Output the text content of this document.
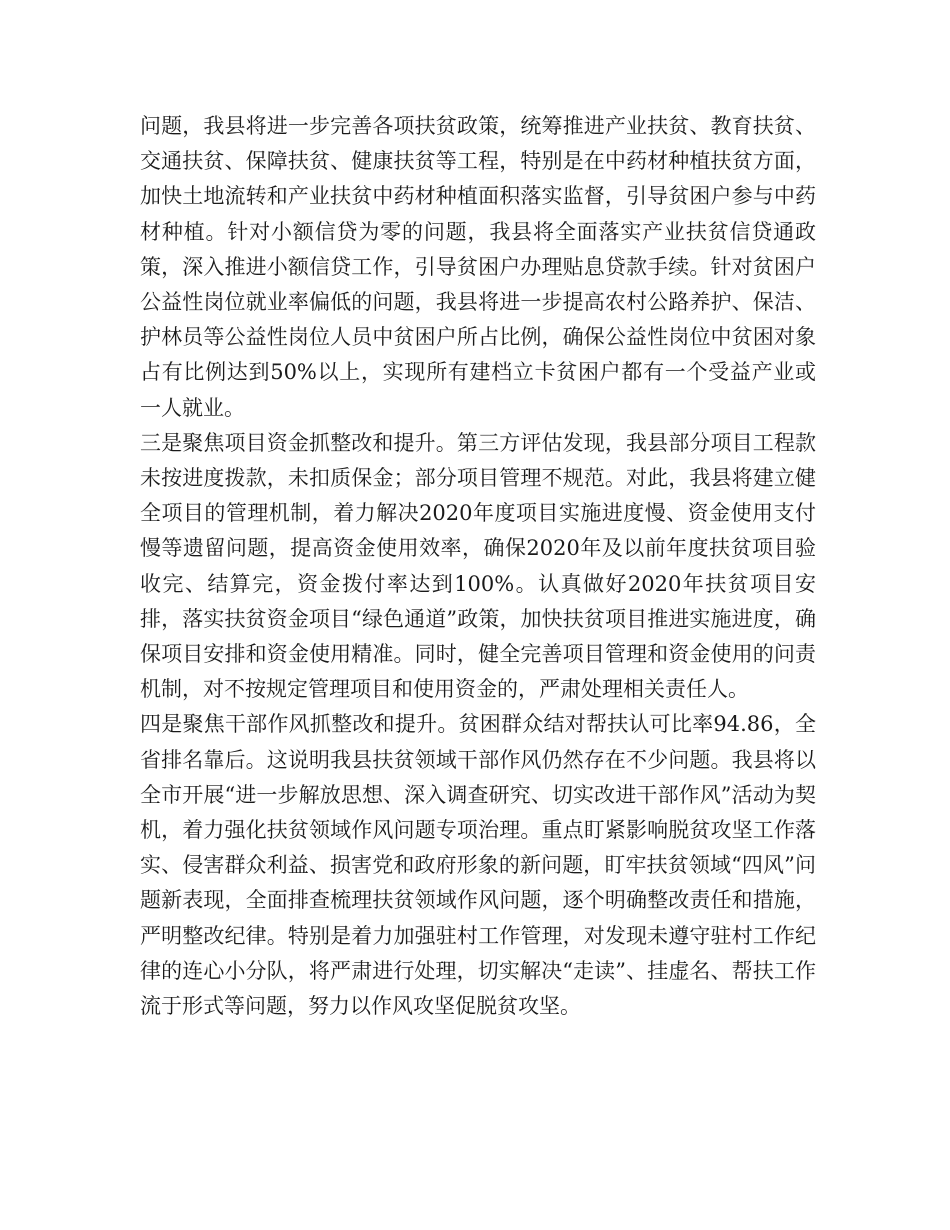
问题，我县将进一步完善各项扶贫政策，统筹推进产业扶贫、教育扶贫、交通扶贫、保障扶贫、健康扶贫等工程，特别是在中药材种植扶贫方面，加快土地流转和产业扶贫中药材种植面积落实监督，引导贫困户参与中药材种植。针对小额信贷为零的问题，我县将全面落实产业扶贫信贷通政策，深入推进小额信贷工作，引导贫困户办理贴息贷款手续。针对贫困户公益性岗位就业率偏低的问题，我县将进一步提高农村公路养护、保洁、护林员等公益性岗位人员中贫困户所占比例，确保公益性岗位中贫困对象占有比例达到50%以上，实现所有建档立卡贫困户都有一个受益产业或一人就业。

三是聚焦项目资金抓整改和提升。第三方评估发现，我县部分项目工程款未按进度拨款，未扣质保金；部分项目管理不规范。对此，我县将建立健全项目的管理机制，着力解决2020年度项目实施进度慢、资金使用支付慢等遗留问题，提高资金使用效率，确保2020年及以前年度扶贫项目验收完、结算完，资金拨付率达到100%。认真做好2020年扶贫项目安排，落实扶贫资金项目“绿色通道”政策，加快扶贫项目推进实施进度，确保项目安排和资金使用精准。同时，健全完善项目管理和资金使用的问责机制，对不按规定管理项目和使用资金的，严肃处理相关责任人。

四是聚焦干部作风抓整改和提升。贫困群众结对帮扶认可比率94.86，全省排名靠后。这说明我县扶贫领域干部作风仍然存在不少问题。我县将以全市开展“进一步解放思想、深入调查研究、切实改进干部作风”活动为契机，着力强化扶贫领域作风问题专项治理。重点盯紧影响脱贫攻坚工作落实、侵害群众利益、损害党和政府形象的新问题，盯牢扶贫领域“四风”问题新表现，全面排查梳理扶贫领域作风问题，逐个明确整改责任和措施，严明整改纪律。特别是着力加强驻村工作管理，对发现未遵守驻村工作纪律的连心小分队，将严肃进行处理，切实解决“走读”、挂虚名、帮扶工作流于形式等问题，努力以作风攻坚促脱贫攻坚。
